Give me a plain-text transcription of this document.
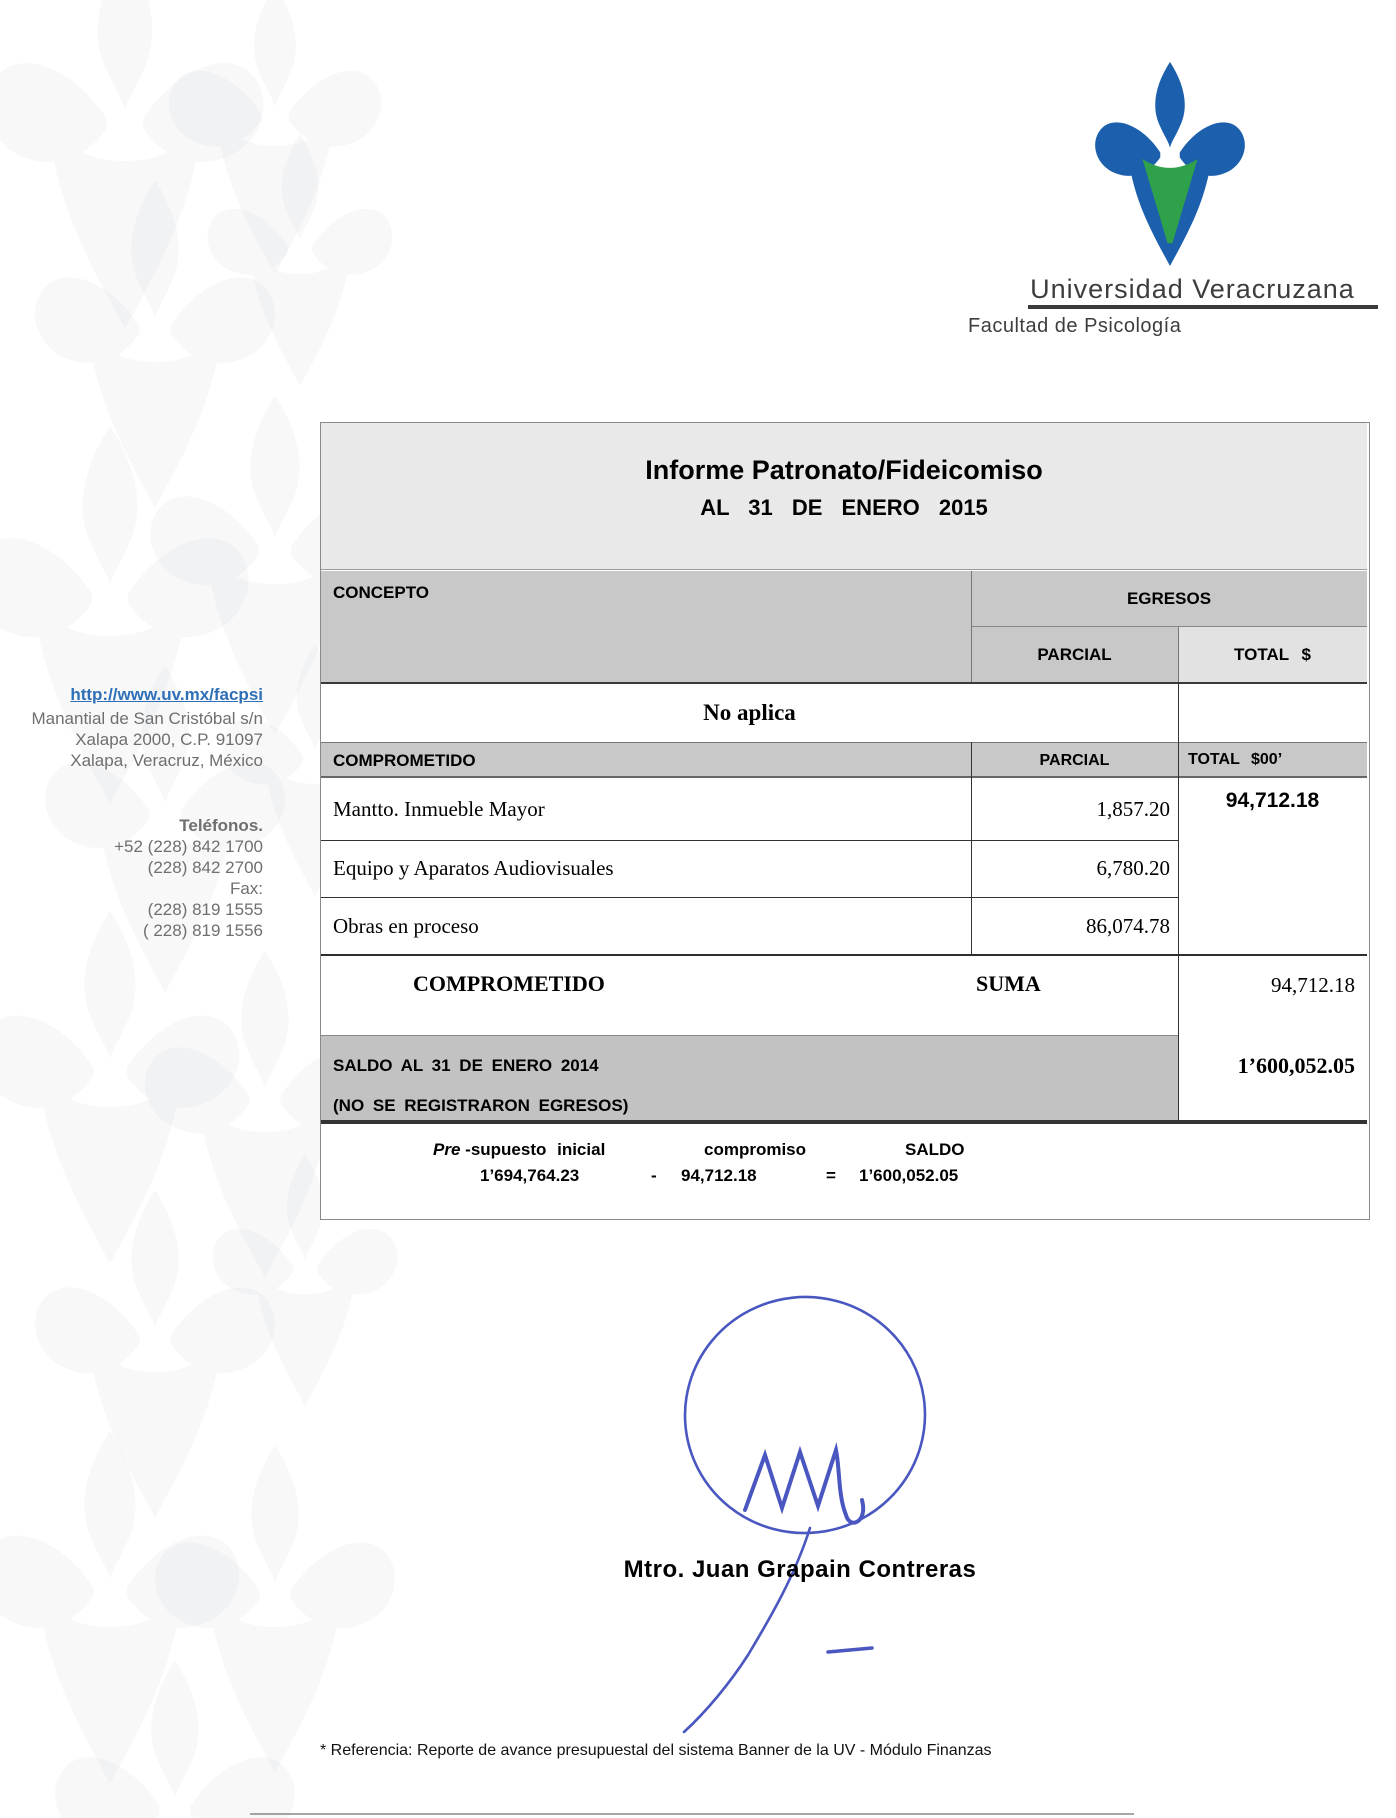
Universidad Veracruzana
Facultad de Psicología
http://www.uv.mx/facpsi
Manantial de San Cristóbal s/n
Xalapa 2000, C.P. 91097
Xalapa, Veracruz, México
Teléfonos.
+52 (228) 842 1700
(228) 842 2700
Fax:
(228) 819 1555
( 228) 819 1556
Informe Patronato/Fideicomiso
AL 31 DE ENERO 2015
CONCEPTO	EGRESOS
PARCIAL	TOTAL $
No aplica
COMPROMETIDO	PARCIAL	TOTAL $00’
Mantto. Inmueble Mayor	1,857.20
Equipo y Aparatos Audiovisuales	6,780.20
Obras en proceso	86,074.78
94,712.18
COMPROMETIDO	SUMA	94,712.18
SALDO AL 31 DE ENERO 2014
(NO SE REGISTRARON EGRESOS)
1’600,052.05
Pre -supuesto inicial	compromiso	SALDO
1’694,764.23	- 94,712.18	= 1’600,052.05
Mtro. Juan Grapain Contreras
* Referencia: Reporte de avance presupuestal del sistema Banner de la UV - Módulo Finanzas
